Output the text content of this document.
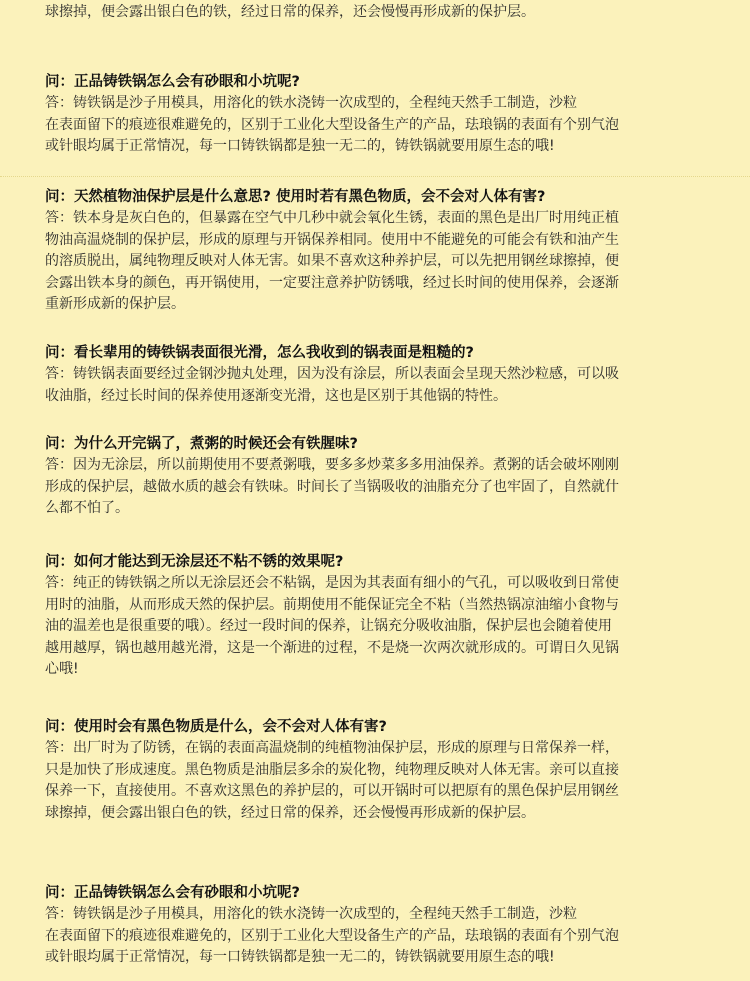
球擦掉，便会露出银白色的铁，经过日常的保养，还会慢慢再形成新的保护层。
问：正品铸铁锅怎么会有砂眼和小坑呢?
答：铸铁锅是沙子用模具，用溶化的铁水浇铸一次成型的，全程纯天然手工制造，沙粒
在表面留下的痕迹很难避免的，区别于工业化大型设备生产的产品，珐琅锅的表面有个别气泡
或针眼均属于正常情况，每一口铸铁锅都是独一无二的，铸铁锅就要用原生态的哦!
问：天然植物油保护层是什么意思? 使用时若有黑色物质，会不会对人体有害?
答：铁本身是灰白色的，但暴露在空气中几秒中就会氧化生锈，表面的黑色是出厂时用纯正植
物油高温烧制的保护层，形成的原理与开锅保养相同。使用中不能避免的可能会有铁和油产生
的溶质脱出，属纯物理反映对人体无害。如果不喜欢这种养护层，可以先把用钢丝球擦掉，便
会露出铁本身的颜色，再开锅使用，一定要注意养护防锈哦，经过长时间的使用保养，会逐渐
重新形成新的保护层。
问：看长辈用的铸铁锅表面很光滑，怎么我收到的锅表面是粗糙的?
答：铸铁锅表面要经过金钢沙抛丸处理，因为没有涂层，所以表面会呈现天然沙粒感，可以吸
收油脂，经过长时间的保养使用逐渐变光滑，这也是区别于其他锅的特性。
问：为什么开完锅了，煮粥的时候还会有铁腥味?
答：因为无涂层，所以前期使用不要煮粥哦，要多多炒菜多多用油保养。煮粥的话会破坏刚刚
形成的保护层，越做水质的越会有铁味。时间长了当锅吸收的油脂充分了也牢固了，自然就什
么都不怕了。
问：如何才能达到无涂层还不粘不锈的效果呢?
答：纯正的铸铁锅之所以无涂层还会不粘锅，是因为其表面有细小的气孔，可以吸收到日常使
用时的油脂，从而形成天然的保护层。前期使用不能保证完全不粘（当然热锅凉油缩小食物与
油的温差也是很重要的哦）。经过一段时间的保养，让锅充分吸收油脂，保护层也会随着使用
越用越厚，锅也越用越光滑，这是一个渐进的过程，不是烧一次两次就形成的。可谓日久见锅
心哦!
问：使用时会有黑色物质是什么，会不会对人体有害?
答：出厂时为了防锈，在锅的表面高温烧制的纯植物油保护层，形成的原理与日常保养一样，
只是加快了形成速度。黑色物质是油脂层多余的炭化物，纯物理反映对人体无害。亲可以直接
保养一下，直接使用。不喜欢这黑色的养护层的，可以开锅时可以把原有的黑色保护层用钢丝
球擦掉，便会露出银白色的铁，经过日常的保养，还会慢慢再形成新的保护层。
问：正品铸铁锅怎么会有砂眼和小坑呢?
答：铸铁锅是沙子用模具，用溶化的铁水浇铸一次成型的，全程纯天然手工制造，沙粒
在表面留下的痕迹很难避免的，区别于工业化大型设备生产的产品，珐琅锅的表面有个别气泡
或针眼均属于正常情况，每一口铸铁锅都是独一无二的，铸铁锅就要用原生态的哦!
